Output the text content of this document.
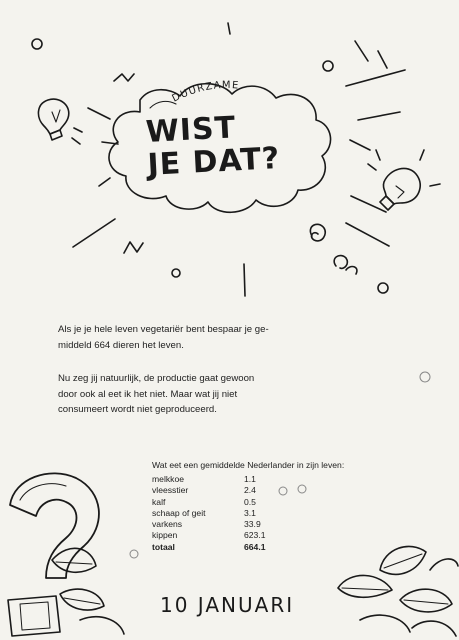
DUURZAME
WIST
JE DAT?
Als je je hele leven vegetariër bent bespaar je ge-
middeld 664 dieren het leven.
Nu zeg jij natuurlijk, de productie gaat gewoon
door ook al eet ik het niet. Maar wat jij niet
consumeert wordt niet geproduceerd.
Wat eet een gemiddelde Nederlander in zijn leven:
melkkoe	1.1
vleesstier	2.4
kalf	0.5
schaap of geit	3.1
varkens	33.9
kippen	623.1
totaal	664.1
10 JANUARI
